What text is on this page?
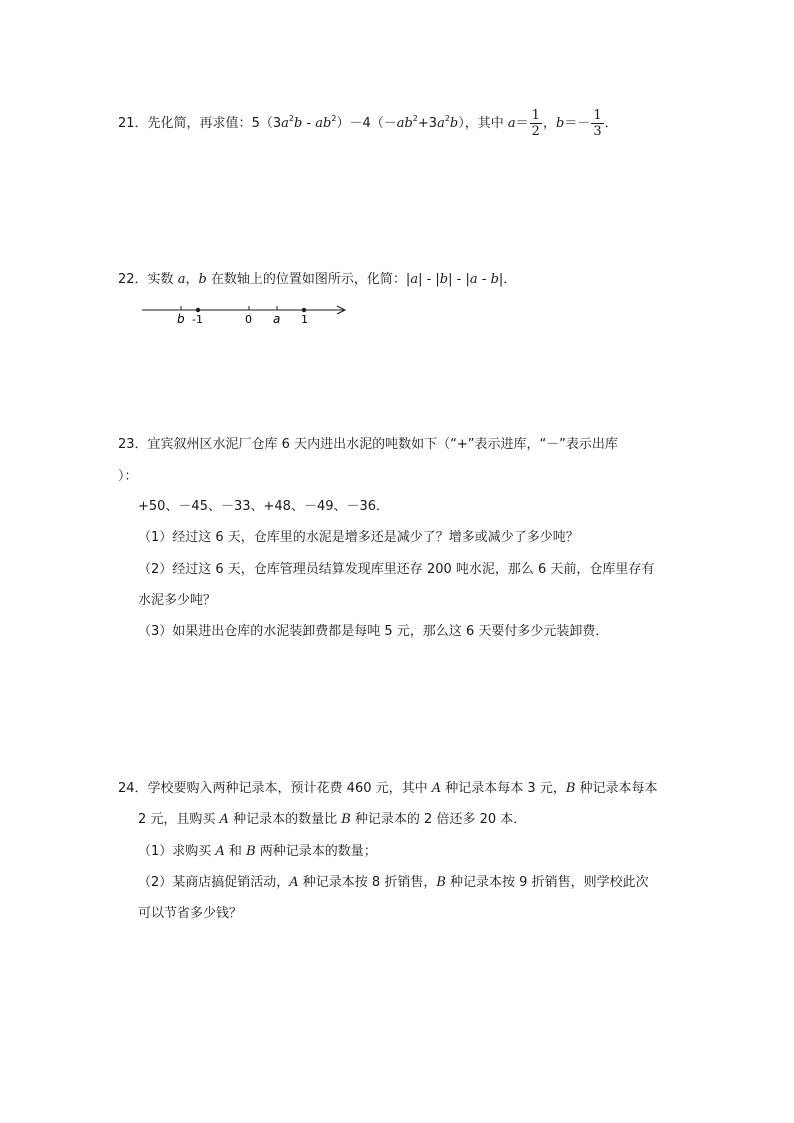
21．先化简，再求值：$5(3a^2b - ab^2)-4(-ab^2+3a^2b)$，其中 $a= \frac{1}{2}$ ，$b=- \frac{1}{3}$ ．
22．实数 a，b 在数轴上的位置如图所示，化简：|a| - |b| - |a - b|．
b -1	0 a 1
23．宜宾叙州区水泥厂仓库 6 天内进出水泥的吨数如下（“+”表示进库，“－”表示出库
）：
+50、－45、－33、+48、－49、－36．
（1）经过这 6 天，仓库里的水泥是增多还是减少了？增多或减少了多少吨？
（2）经过这 6 天，仓库管理员结算发现库里还存 200 吨水泥，那么 6 天前，仓库里存有
水泥多少吨？
（3）如果进出仓库的水泥装卸费都是每吨 5 元，那么这 6 天要付多少元装卸费．
24．学校要购入两种记录本，预计花费 460 元，其中 A 种记录本每本 3 元，B 种记录本每本
2 元，且购买 A 种记录本的数量比 B 种记录本的 2 倍还多 20 本．
（1）求购买 A 和 B 两种记录本的数量；
（2）某商店搞促销活动，A 种记录本按 8 折销售，B 种记录本按 9 折销售，则学校此次
可以节省多少钱？
